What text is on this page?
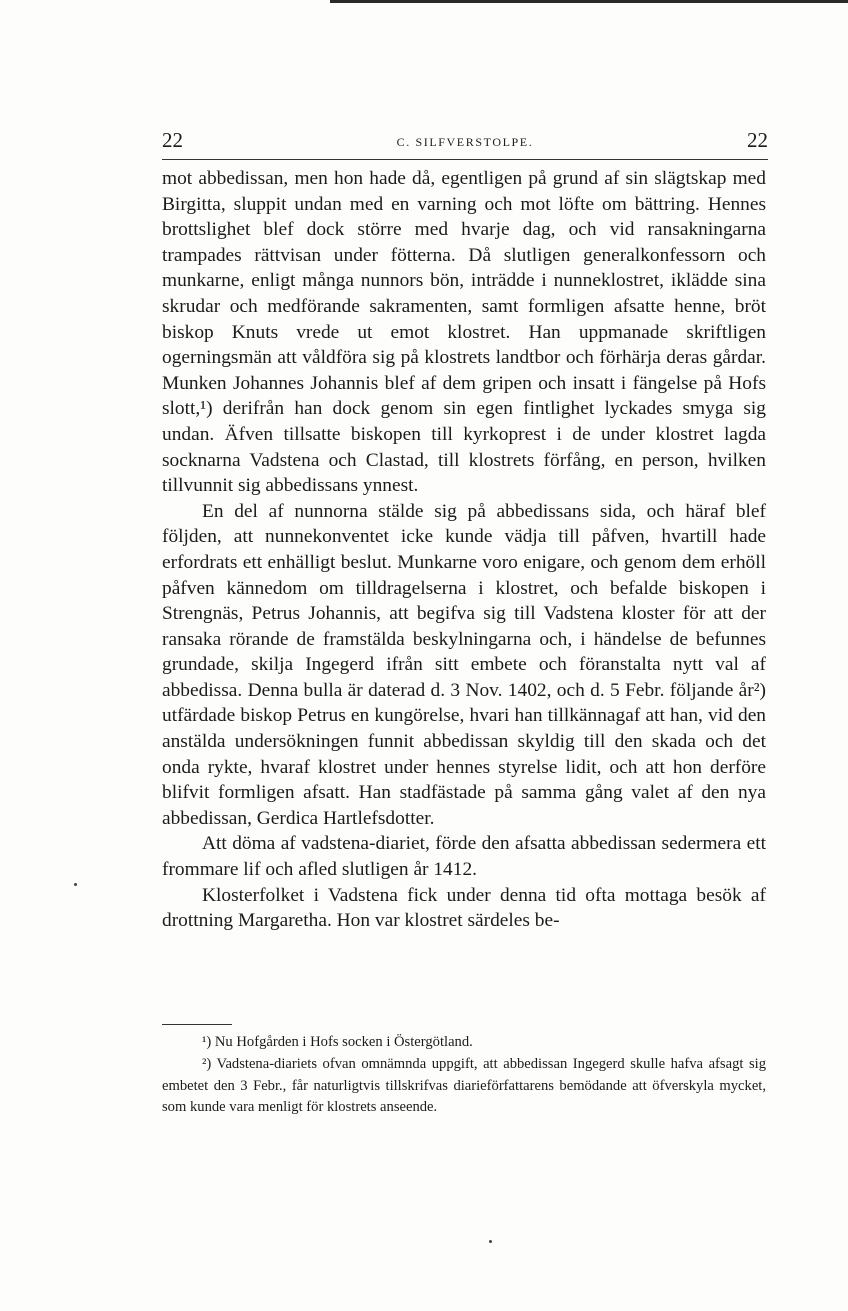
22	C. SILFVERSTOLPE.	22

mot abbedissan, men hon hade då, egentligen på grund af sin slägtskap med Birgitta, sluppit undan med en varning och mot löfte om bättring. Hennes brottslighet blef dock större med hvarje dag, och vid ransakningarna trampades rättvisan under fötterna. Då slutligen generalkonfessorn och munkarne, enligt många nunnors bön, inträdde i nunneklostret, iklädde sina skrudar och medförande sakramenten, samt formligen afsatte henne, bröt biskop Knuts vrede ut emot klostret. Han uppmanade skriftligen ogerningsmän att våldföra sig på klostrets landtbor och förhärja deras gårdar. Munken Johannes Johannis blef af dem gripen och insatt i fängelse på Hofs slott,¹) derifrån han dock genom sin egen fintlighet lyckades smyga sig undan. Äfven tillsatte biskopen till kyrkoprest i de under klostret lagda socknarna Vadstena och Clastad, till klostrets förfång, en person, hvilken tillvunnit sig abbedissans ynnest.

En del af nunnorna stälde sig på abbedissans sida, och häraf blef följden, att nunnekonventet icke kunde vädja till påfven, hvartill hade erfordrats ett enhälligt beslut. Munkarne voro enigare, och genom dem erhöll påfven kännedom om tilldragelserna i klostret, och befalde biskopen i Strengnäs, Petrus Johannis, att begifva sig till Vadstena kloster för att der ransaka rörande de framstälda beskylningarna och, i händelse de befunnes grundade, skilja Ingegerd ifrån sitt embete och föranstalta nytt val af abbedissa. Denna bulla är daterad d. 3 Nov. 1402, och d. 5 Febr. följande år²) utfärdade biskop Petrus en kungörelse, hvari han tillkännagaf att han, vid den anstälda undersökningen funnit abbedissan skyldig till den skada och det onda rykte, hvaraf klostret under hennes styrelse lidit, och att hon derföre blifvit formligen afsatt. Han stadfästade på samma gång valet af den nya abbedissan, Gerdica Hartlefsdotter.

Att döma af vadstena-diariet, förde den afsatta abbedissan sedermera ett frommare lif och afled slutligen år 1412.

Klosterfolket i Vadstena fick under denna tid ofta mottaga besök af drottning Margaretha. Hon var klostret särdeles be-

¹) Nu Hofgården i Hofs socken i Östergötland.

²) Vadstena-diariets ofvan omnämnda uppgift, att abbedissan Ingegerd skulle hafva afsagt sig embetet den 3 Febr., får naturligtvis tillskrifvas diarieförfattarens bemödande att öfverskyla mycket, som kunde vara menligt för klostrets anseende.
